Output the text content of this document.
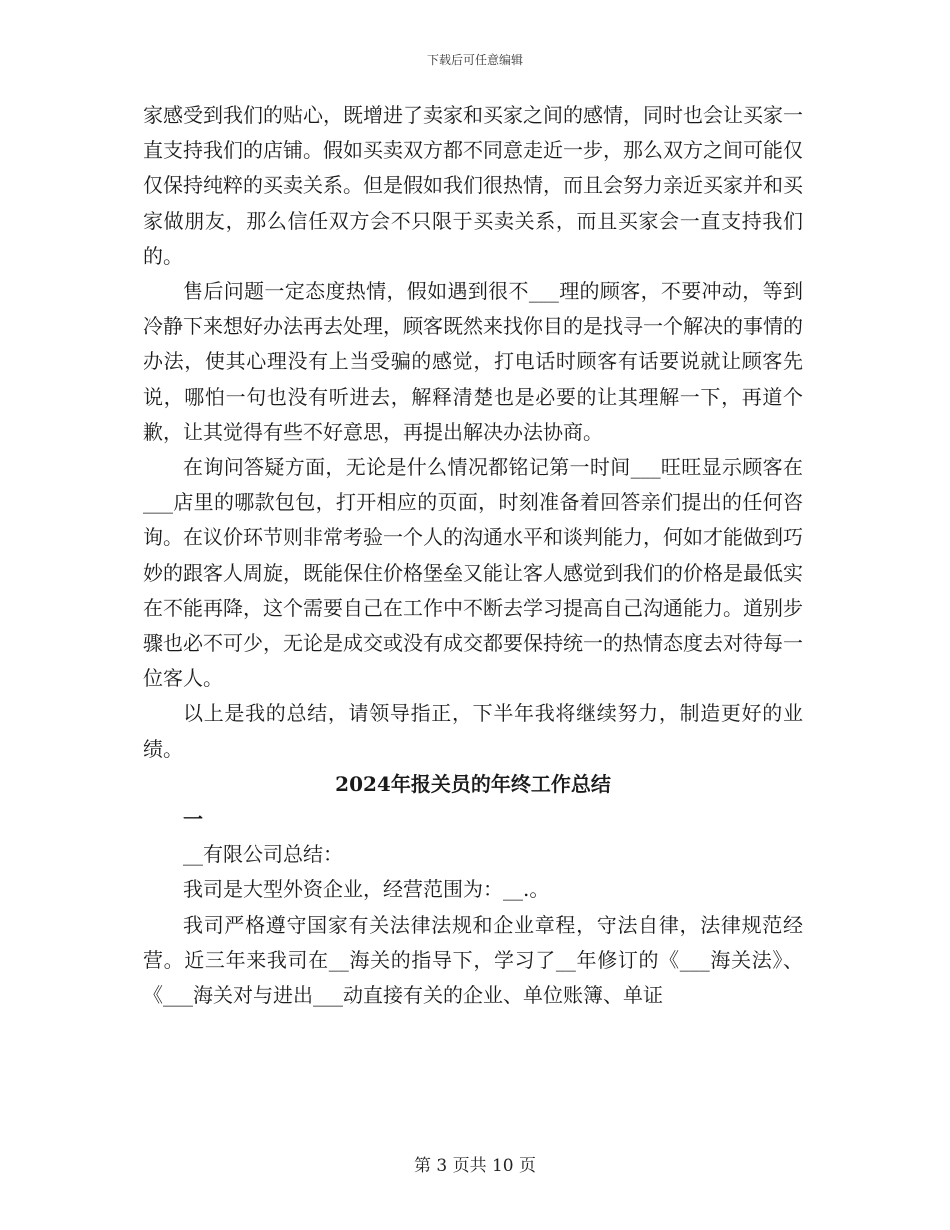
下载后可任意编辑

家感受到我们的贴心，既增进了卖家和买家之间的感情，同时也会让买家一直支持我们的店铺。假如买卖双方都不同意走近一步，那么双方之间可能仅仅保持纯粹的买卖关系。但是假如我们很热情，而且会努力亲近买家并和买家做朋友，那么信任双方会不只限于买卖关系，而且买家会一直支持我们的。

售后问题一定态度热情，假如遇到很不___理的顾客，不要冲动，等到冷静下来想好办法再去处理，顾客既然来找你目的是找寻一个解决的事情的办法，使其心理没有上当受骗的感觉，打电话时顾客有话要说就让顾客先说，哪怕一句也没有听进去，解释清楚也是必要的让其理解一下，再道个歉，让其觉得有些不好意思，再提出解决办法协商。

在询问答疑方面，无论是什么情况都铭记第一时间___旺旺显示顾客在___店里的哪款包包，打开相应的页面，时刻准备着回答亲们提出的任何咨询。在议价环节则非常考验一个人的沟通水平和谈判能力，何如才能做到巧妙的跟客人周旋，既能保住价格堡垒又能让客人感觉到我们的价格是最低实在不能再降，这个需要自己在工作中不断去学习提高自己沟通能力。道别步骤也必不可少，无论是成交或没有成交都要保持统一的热情态度去对待每一位客人。

以上是我的总结，请领导指正，下半年我将继续努力，制造更好的业绩。

2024年报关员的年终工作总结

一

__有限公司总结：

我司是大型外资企业，经营范围为：__.。

我司严格遵守国家有关法律法规和企业章程，守法自律，法律规范经营。近三年来我司在__海关的指导下，学习了__年修订的《___海关法》、《___海关对与进出___动直接有关的企业、单位账簿、单证

第 3 页共 10 页
